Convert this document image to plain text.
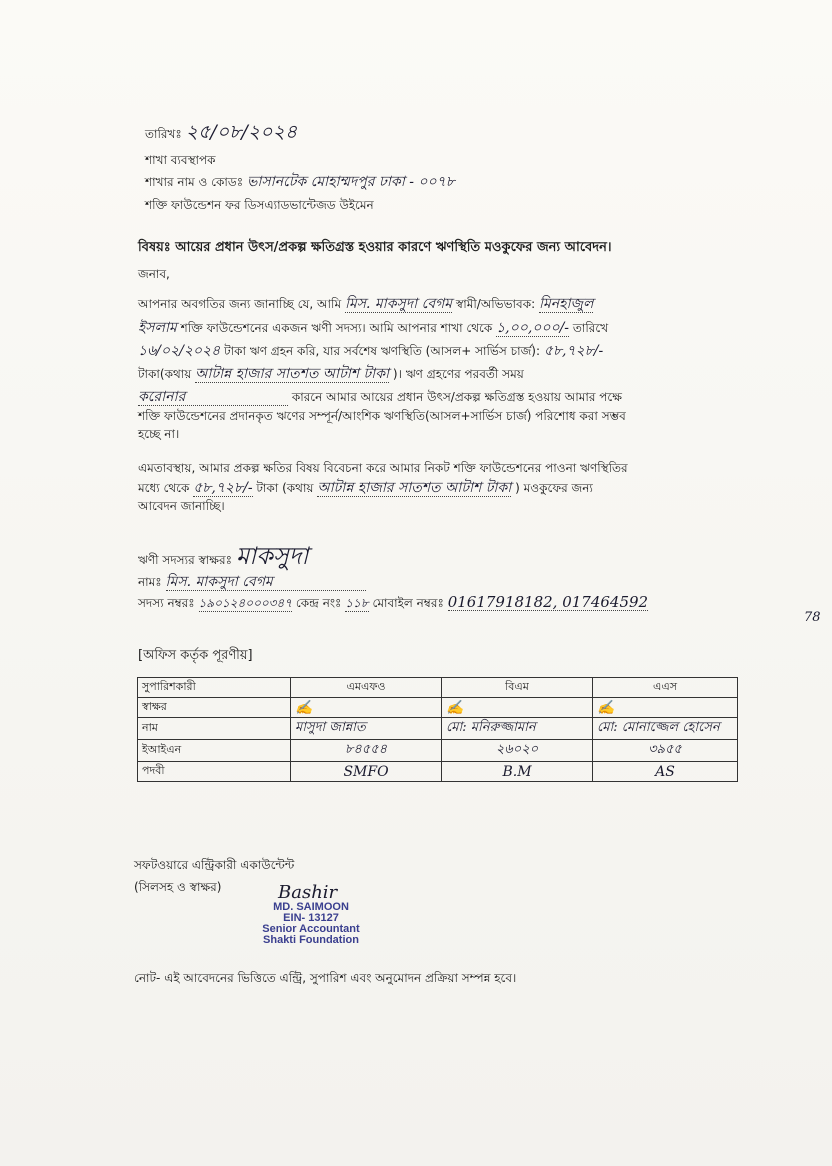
তারিখঃ ২৫/০৮/২০২৪
শাখা ব্যবস্থাপক
শাখার নাম ও কোডঃ ভাসানটেক মোহাম্মদপুর ঢাকা - ০০৭৮
শক্তি ফাউন্ডেশন ফর ডিসএ্যাডভান্টেজড উইমেন
বিষয়ঃ আয়ের প্রধান উৎস/প্রকল্প ক্ষতিগ্রস্ত হওয়ার কারণে ঋণস্থিতি মওকুফের জন্য আবেদন।
জনাব,
আপনার অবগতির জন্য জানাচ্ছি যে, আমি মিস. মাকসুদা বেগম স্বামী/অভিভাবক: মিনহাজুল
ইসলাম শক্তি ফাউন্ডেশনের একজন ঋণী সদস্য। আমি আপনার শাখা থেকে ১,০০,০০০/- তারিখে
১৬/০২/২০২৪ টাকা ঋণ গ্রহন করি, যার সর্বশেষ ঋণস্থিতি (আসল+ সার্ভিস চার্জ): ৫৮,৭২৮/-
টাকা(কথায় আটান্ন হাজার সাতশত আটাশ টাকা )। ঋণ গ্রহণের পরবর্তী সময়
করোনার	কারনে আমার আয়ের প্রধান উৎস/প্রকল্প ক্ষতিগ্রস্ত হওয়ায় আমার পক্ষে
শক্তি ফাউন্ডেশনের প্রদানকৃত ঋণের সম্পূর্ন/আংশিক ঋণস্থিতি(আসল+সার্ভিস চার্জ) পরিশোধ করা সম্ভব
হচ্ছে না।
এমতাবস্থায়, আমার প্রকল্প ক্ষতির বিষয় বিবেচনা করে আমার নিকট শক্তি ফাউন্ডেশনের পাওনা ঋণস্থিতির
মধ্যে থেকে ৫৮,৭২৮/- টাকা (কথায় আটান্ন হাজার সাতশত আটাশ টাকা ) মওকুফের জন্য
আবেদন জানাচ্ছি।
ঋণী সদস্যর স্বাক্ষরঃ মাকসুদা
নামঃ মিস. মাকসুদা বেগম
সদস্য নম্বরঃ ১৯০১২৪০০০৩৪৭ কেন্দ্র নংঃ ১১৮ মোবাইল নম্বরঃ 01617918182, 017464592
78
[অফিস কর্তৃক পূরণীয়]
সুপারিশকারী	এমএফও	বিএম	এএস
স্বাক্ষর	✍	✍	✍
নাম	মাসুদা জান্নাত	মো: মনিরুজ্জামান	মো: মোনাজ্জেল হোসেন
ইআইএন	৮৪৫৫৪	২৬০২০	৩৯৫৫
পদবী	SMFO	B.M	AS
সফটওয়ারে এন্ট্রিকারী একাউন্টেন্ট
(সিলসহ ও স্বাক্ষর)	Bashir
MD. SAIMOON
EIN- 13127
Senior Accountant
Shakti Foundation
নোট- এই আবেদনের ভিত্তিতে এন্ট্রি, সুপারিশ এবং অনুমোদন প্রক্রিয়া সম্পন্ন হবে।
